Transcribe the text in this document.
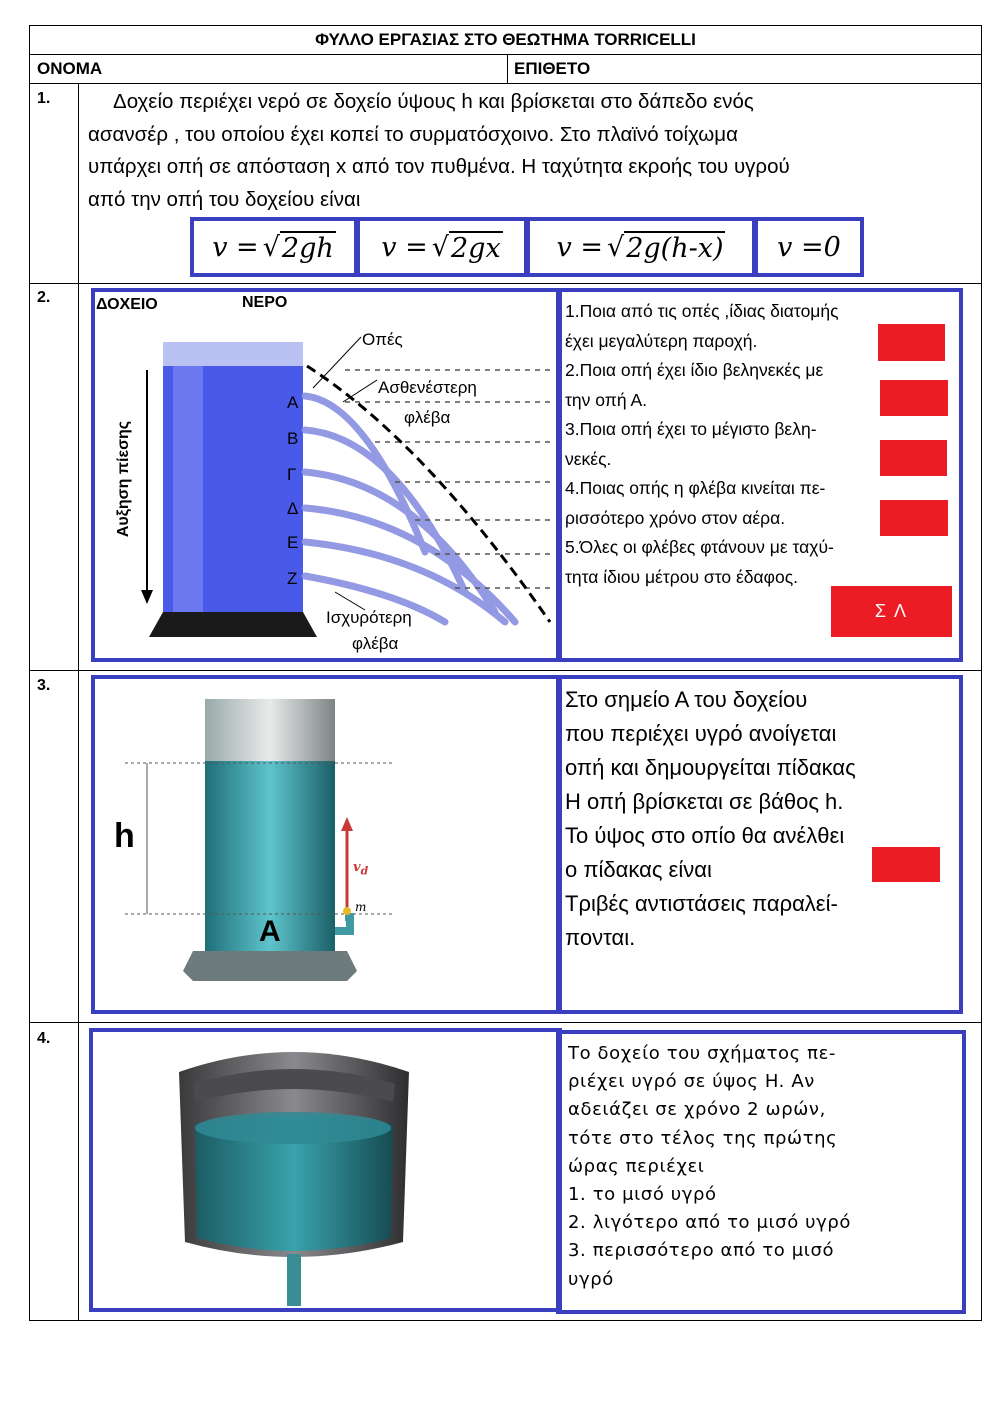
ΦΥΛΛΟ ΕΡΓΑΣΙΑΣ ΣΤΟ ΘΕΩΤΗΜΑ TORRICELLI
ΟΝΟΜΑ	ΕΠΙΘΕΤΟ
1.	Δοχείο περιέχει νερό σε δοχείο ύψους h και βρίσκεται στο δάπεδο ενός
ασανσέρ , του οποίου έχει κοπεί το συρματόσχοινο. Στο πλαϊνό τοίχωμα
υπάρχει οπή σε απόσταση x από τον πυθμένα. Η ταχύτητα εκροής του υγρού
από την οπή του δοχείου είναι
v = √ 2gh v = √ 2gx v = √ 2g(h-x) v =0
2.	ΔΟΧΕΙΟ	ΝΕΡΟ
Οπές
Ασθενέστερη
φλέβα
Ισχυρότερη
φλέβα
Αυξηση πίεσης
Α
Β
Γ
Δ
Ε
Ζ
1.Ποια από τις οπές ,ίδιας διατομής
έχει μεγαλύτερη παροχή.
2.Ποια οπή έχει ίδιο βεληνεκές με
την οπή Α.
3.Ποια οπή έχει το μέγιστο βελη-
νεκές.
4.Ποιας οπής η φλέβα κινείται πε-
ρισσότερο χρόνο στον αέρα.
5.Όλες οι φλέβες φτάνουν με ταχύ-
τητα ίδιου μέτρου στο έδαφος.
Σ Λ
3.
h
A
$v_d$
m
Στο σημείο Α του δοχείου
που περιέχει υγρό ανοίγεται
οπή και δημουργείται πίδακας
Η οπή βρίσκεται σε βάθος h.
Το ύψος στο οπίο θα ανέλθει
ο πίδακας είναι
Τριβές αντιστάσεις παραλεί-
πονται.
4.
Το δοχείο του σχήματος πε-
ριέχει υγρό σε ύψος H. Αν
αδειάζει σε χρόνο 2 ωρών,
τότε στο τέλος της πρώτης
ώρας περιέχει
1. το μισό υγρό
2. λιγότερο από το μισό υγρό
3. περισσότερο από το μισό
υγρό
